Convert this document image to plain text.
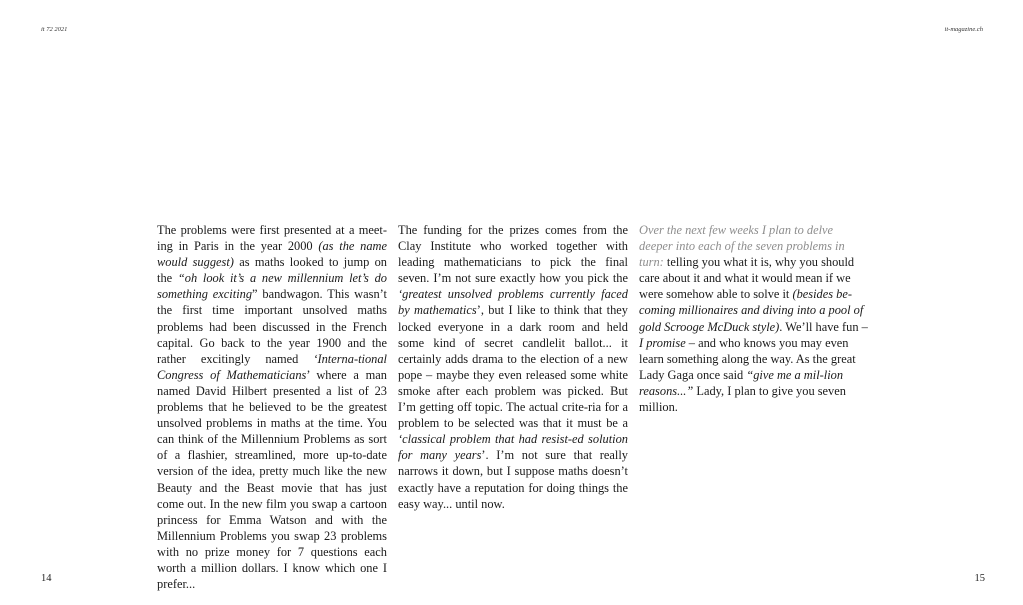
it 72 2021	it-magazine.ch

The problems were first presented at a meet-ing in Paris in the year 2000 (as the name would suggest) as maths looked to jump on the “oh look it’s a new millennium let’s do something exciting” bandwagon. This wasn’t the first time important unsolved maths problems had been discussed in the French capital. Go back to the year 1900 and the rather excitingly named ‘Interna-tional Congress of Mathematicians’ where a man named David Hilbert presented a list of 23 problems that he believed to be the greatest unsolved problems in maths at the time. You can think of the Millennium Problems as sort of a flashier, streamlined, more up-to-date version of the idea, pretty much like the new Beauty and the Beast movie that has just come out. In the new film you swap a cartoon princess for Emma Watson and with the Millennium Problems you swap 23 problems with no prize money for 7 questions each worth a million dollars. I know which one I prefer...

The funding for the prizes comes from the Clay Institute who worked together with leading mathematicians to pick the final seven. I’m not sure exactly how you pick the ‘greatest unsolved problems currently faced by mathematics’, but I like to think that they locked everyone in a dark room and held some kind of secret candlelit ballot... it certainly adds drama to the election of a new pope – maybe they even released some white smoke after each problem was picked. But I’m getting off topic. The actual crite-ria for a problem to be selected was that it must be a ‘classical problem that had resist-ed solution for many years’. I’m not sure that really narrows it down, but I suppose maths doesn’t exactly have a reputation for doing things the easy way... until now.

Over the next few weeks I plan to delve deeper into each of the seven problems in turn: telling you what it is, why you should care about it and what it would mean if we were somehow able to solve it (besides be-coming millionaires and diving into a pool of gold Scrooge McDuck style). We’ll have fun – I promise – and who knows you may even learn something along the way. As the great Lady Gaga once said “give me a mil-lion reasons...” Lady, I plan to give you seven million.

14	15
